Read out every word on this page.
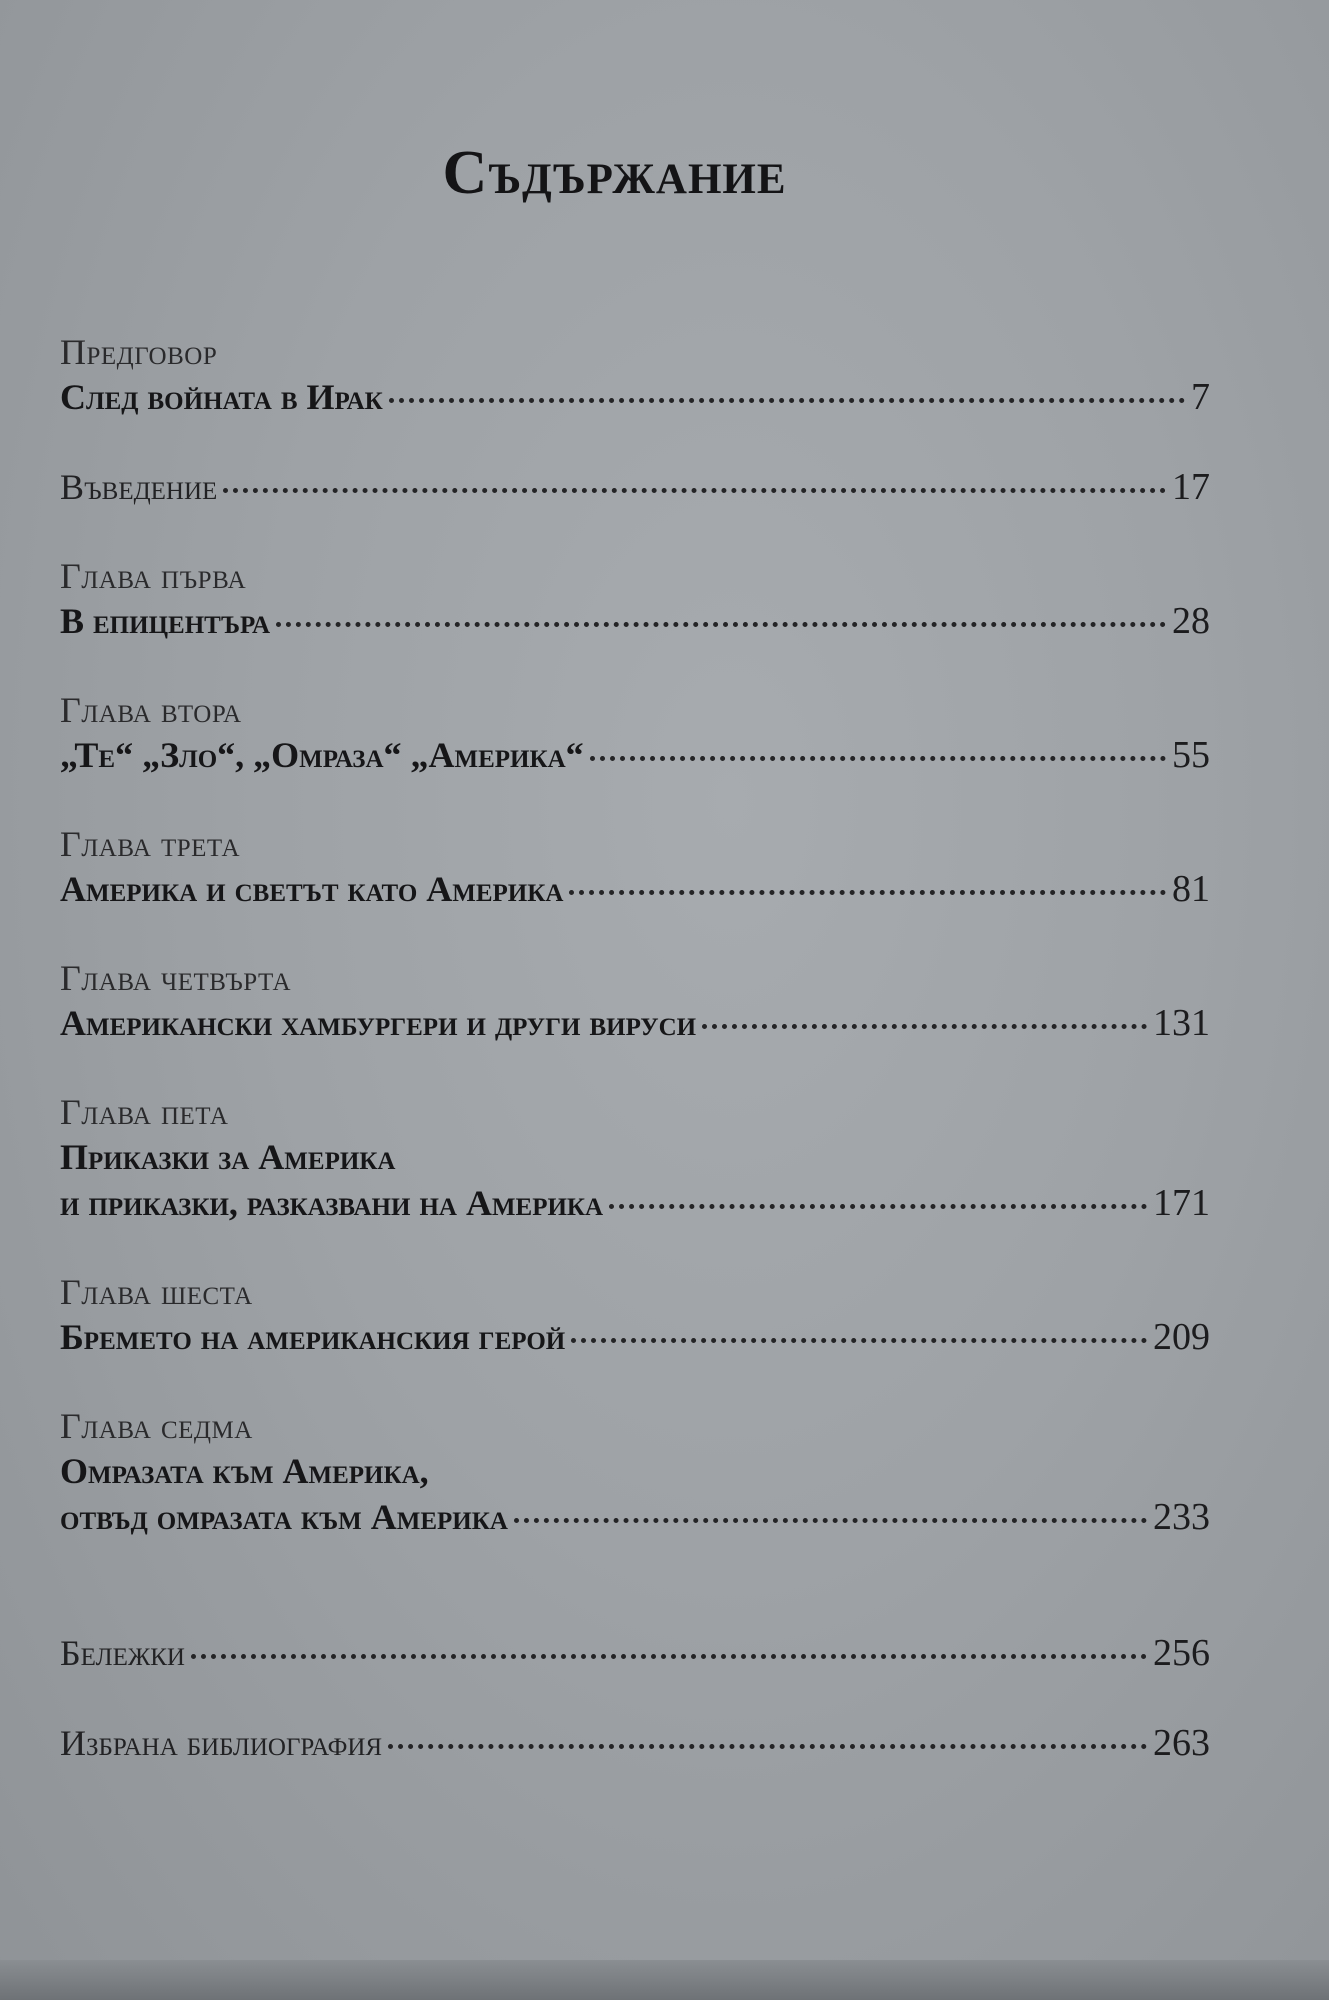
Съдържание
Предговор
След войната в Ирак	7
Въведение	17
Глава първа
В епицентъра	28
Глава втора
„Те“ „Зло“, „Омраза“ „Америка“	55
Глава трета
Америка и светът като Америка	81
Глава четвърта
Американски хамбургери и други вируси	131
Глава пета
Приказки за Америка
и приказки, разказвани на Америка	171
Глава шеста
Бремето на американския герой	209
Глава седма
Омразата към Америка,
отвъд омразата към Америка	233
Бележки	256
Избрана библиография	263
